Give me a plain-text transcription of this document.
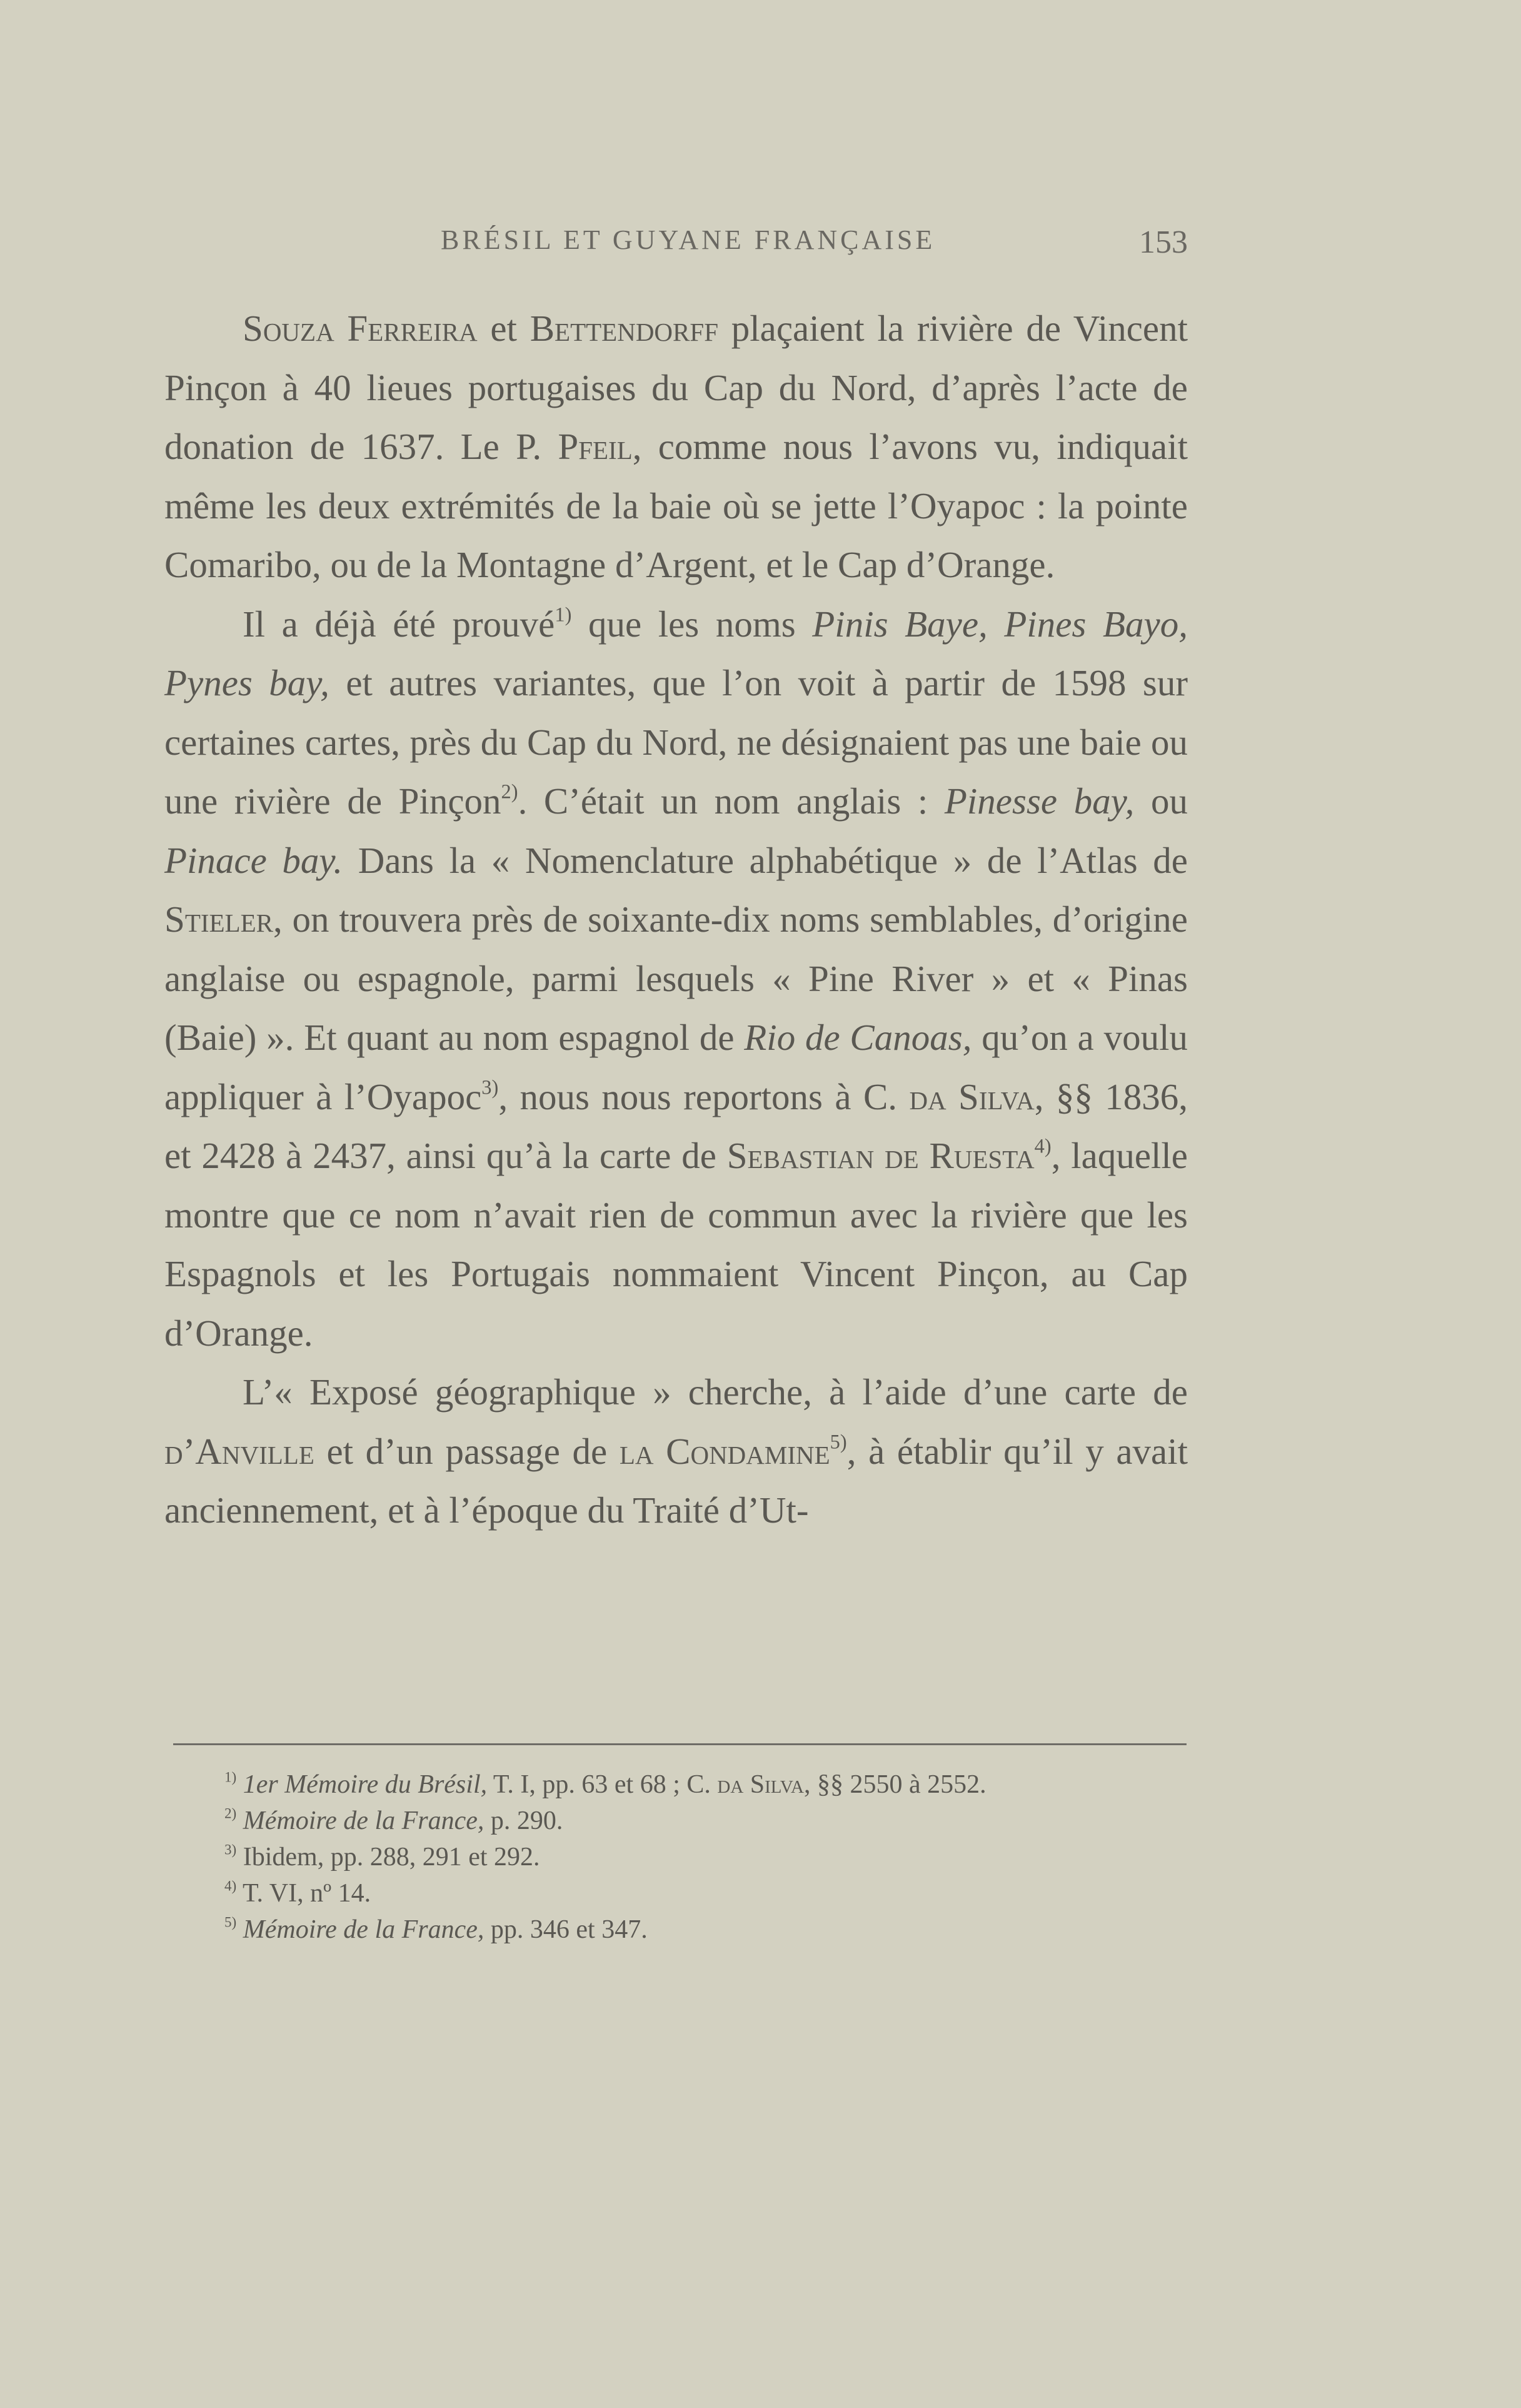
BRÉSIL ET GUYANE FRANÇAISE	153

Souza Ferreira et Bettendorff plaçaient la rivière de Vincent Pinçon à 40 lieues portugaises du Cap du Nord, d’après l’acte de donation de 1637. Le P. Pfeil, comme nous l’avons vu, indiquait même les deux extrémités de la baie où se jette l’Oyapoc : la pointe Comaribo, ou de la Montagne d’Argent, et le Cap d’Orange.

Il a déjà été prouvé$^{1)}$ que les noms Pinis Baye, Pines Bayo, Pynes bay, et autres variantes, que l’on voit à partir de 1598 sur certaines cartes, près du Cap du Nord, ne désignaient pas une baie ou une rivière de Pinçon$^{2)}$. C’était un nom anglais : Pinesse bay, ou Pinace bay. Dans la « Nomenclature alphabétique » de l’Atlas de Stieler, on trouvera près de soixante-dix noms semblables, d’origine anglaise ou espagnole, parmi lesquels « Pine River » et « Pinas (Baie) ». Et quant au nom espagnol de Rio de Canoas, qu’on a voulu appliquer à l’Oyapoc$^{3)}$, nous nous reportons à C. da Silva, §§ 1836, et 2428 à 2437, ainsi qu’à la carte de Sebastian de Ruesta$^{4)}$, laquelle montre que ce nom n’avait rien de commun avec la rivière que les Espagnols et les Portugais nommaient Vincent Pinçon, au Cap d’Orange.

L’« Exposé géographique » cherche, à l’aide d’une carte de d’Anville et d’un passage de la Condamine$^{5)}$, à établir qu’il y avait anciennement, et à l’époque du Traité d’Ut-

$^{1)}$ 1er Mémoire du Brésil, T. I, pp. 63 et 68 ; C. da Silva, §§ 2550 à 2552.

$^{2)}$ Mémoire de la France, p. 290.

$^{3)}$ Ibidem, pp. 288, 291 et 292.

$^{4)}$ T. VI, nº 14.

$^{5)}$ Mémoire de la France, pp. 346 et 347.
